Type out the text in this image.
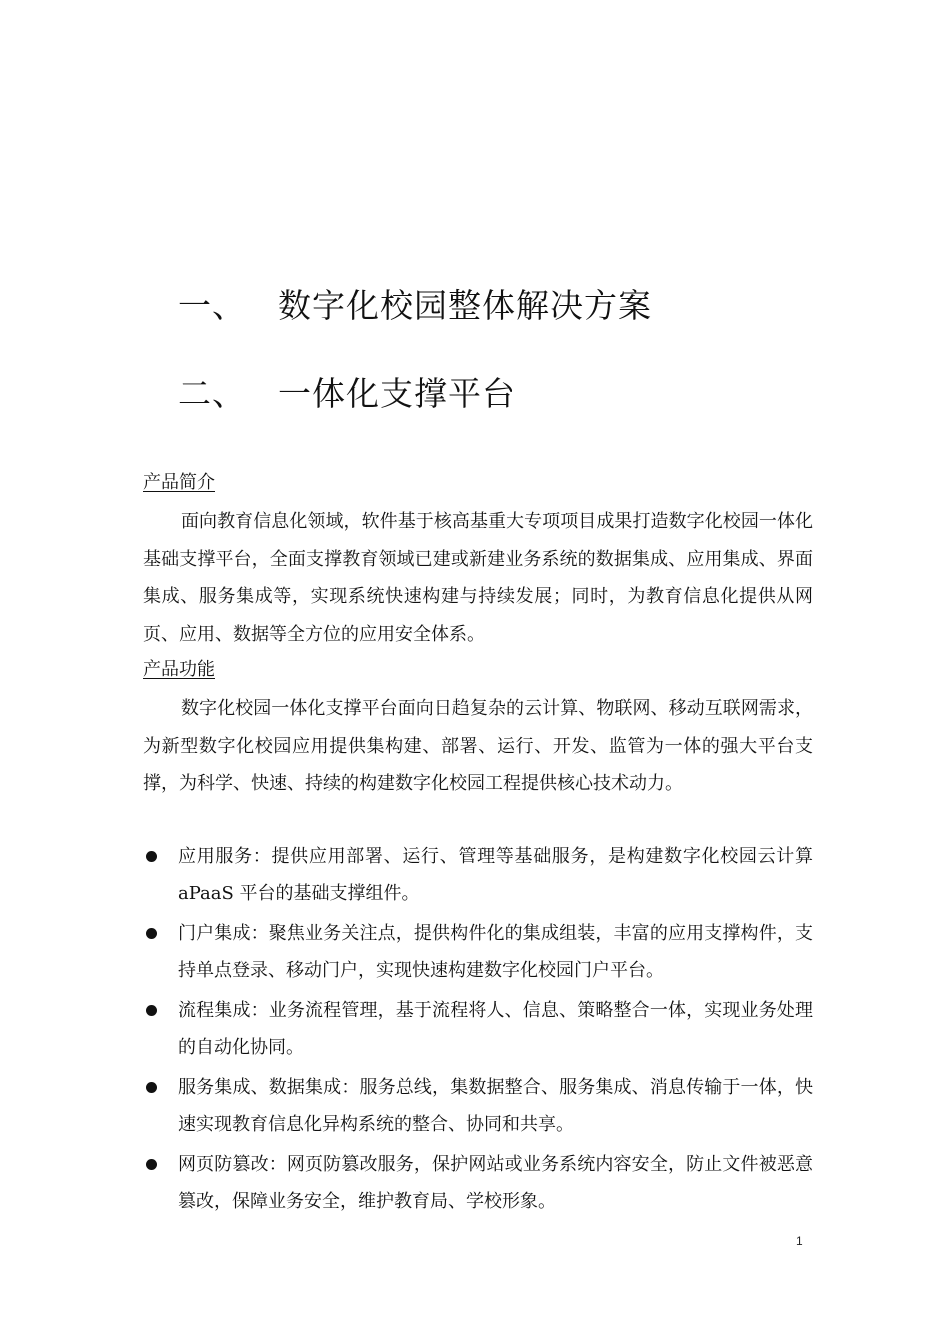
一、 数字化校园整体解决方案
二、 一体化支撑平台
产品简介

面向教育信息化领域，软件基于核高基重大专项项目成果打造数字化校园一体化基础支撑平台，全面支撑教育领域已建或新建业务系统的数据集成、应用集成、界面集成、服务集成等，实现系统快速构建与持续发展；同时，为教育信息化提供从网页、应用、数据等全方位的应用安全体系。

产品功能

数字化校园一体化支撑平台面向日趋复杂的云计算、物联网、移动互联网需求，为新型数字化校园应用提供集构建、部署、运行、开发、监管为一体的强大平台支撑，为科学、快速、持续的构建数字化校园工程提供核心技术动力。

应用服务：提供应用部署、运行、管理等基础服务，是构建数字化校园云计算 aPaaS 平台的基础支撑组件。
门户集成：聚焦业务关注点，提供构件化的集成组装，丰富的应用支撑构件，支持单点登录、移动门户，实现快速构建数字化校园门户平台。
流程集成：业务流程管理，基于流程将人、信息、策略整合一体，实现业务处理的自动化协同。
服务集成、数据集成：服务总线，集数据整合、服务集成、消息传输于一体，快速实现教育信息化异构系统的整合、协同和共享。
网页防篡改：网页防篡改服务，保护网站或业务系统内容安全，防止文件被恶意篡改，保障业务安全，维护教育局、学校形象。
1
